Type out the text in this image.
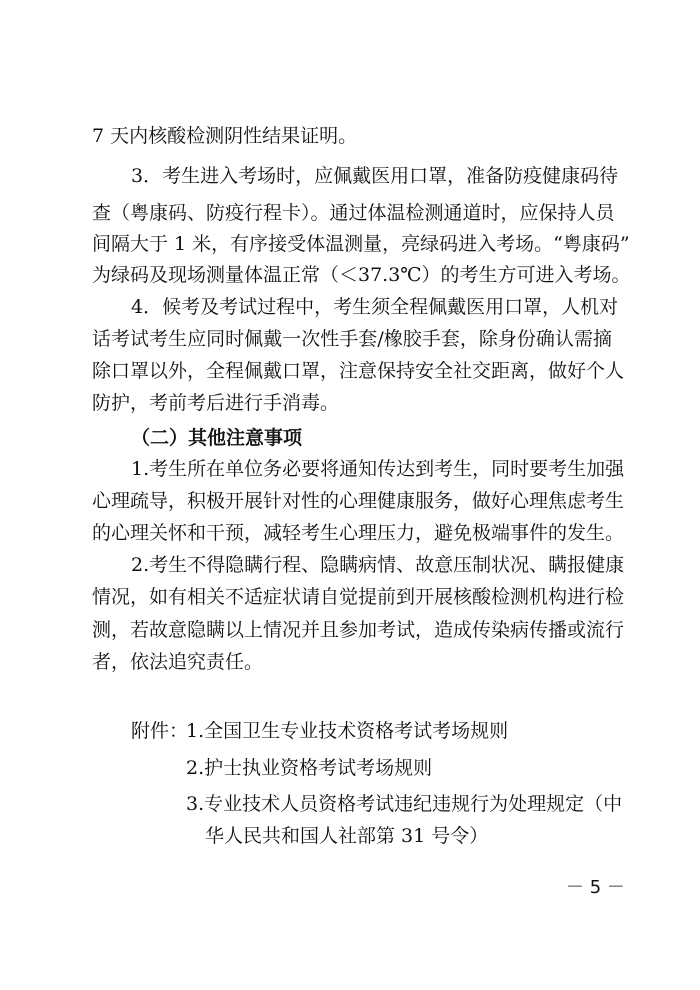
7 天内核酸检测阴性结果证明。
3．考生进入考场时，应佩戴医用口罩，准备防疫健康码待
查（粤康码、防疫行程卡）。通过体温检测通道时，应保持人员
间隔大于 1 米，有序接受体温测量，亮绿码进入考场。“粤康码”
为绿码及现场测量体温正常（＜37.3℃）的考生方可进入考场。
4．候考及考试过程中，考生须全程佩戴医用口罩，人机对
话考试考生应同时佩戴一次性手套/橡胶手套，除身份确认需摘
除口罩以外，全程佩戴口罩，注意保持安全社交距离，做好个人
防护，考前考后进行手消毒。
（二）其他注意事项
1.考生所在单位务必要将通知传达到考生，同时要考生加强
心理疏导，积极开展针对性的心理健康服务，做好心理焦虑考生
的心理关怀和干预，减轻考生心理压力，避免极端事件的发生。
2.考生不得隐瞒行程、隐瞒病情、故意压制状况、瞒报健康
情况，如有相关不适症状请自觉提前到开展核酸检测机构进行检
测，若故意隐瞒以上情况并且参加考试，造成传染病传播或流行
者，依法追究责任。
附件：
1.全国卫生专业技术资格考试考场规则
2.护士执业资格考试考场规则
3.专业技术人员资格考试违纪违规行为处理规定（中
华人民共和国人社部第 31 号令）
－ 5 －
